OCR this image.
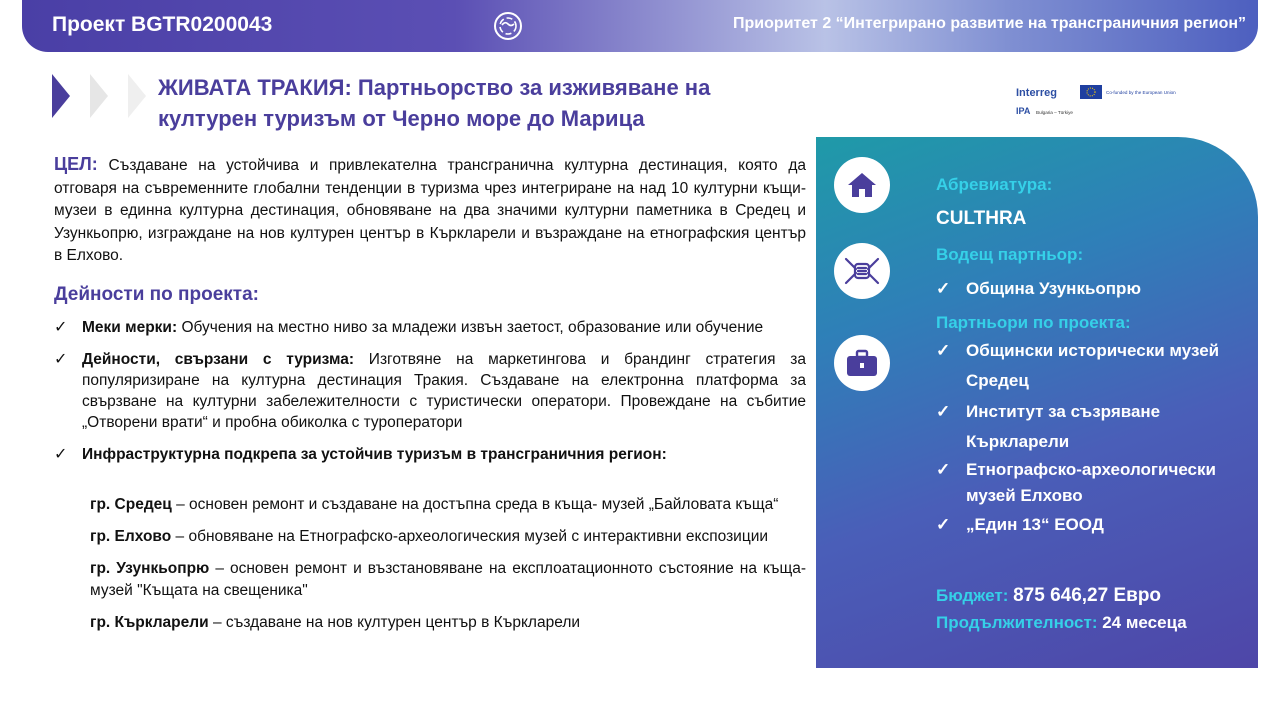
Проект BGTR0200043	Приоритет 2 “Интегрирано развитие на трансграничния регион”
ЖИВАТА ТРАКИЯ: Партньорство за изживяване на културен туризъм от Черно море до Марица
Interreg	Co-funded by the European Union
IPA Bulgaria – Türkiye
ЦЕЛ: Създаване на устойчива и привлекателна трансгранична културна дестинация, която да отговаря на съвременните глобални тенденции в туризма чрез интегриране на над 10 културни къщи-музеи в единна културна дестинация, обновяване на два значими културни паметника в Средец и Узункьопрю, изграждане на нов културен център в Къркларели и възраждане на етнографския център в Елхово.
Дейности по проекта:
✓ Меки мерки: Обучения на местно ниво за младежи извън заетост, образование или обучение
✓ Дейности, свързани с туризма: Изготвяне на маркетингова и брандинг стратегия за популяризиране на културна дестинация Тракия. Създаване на електронна платформа за свързване на културни забележителности с туристически оператори. Провеждане на събитие „Отворени врати“ и пробна обиколка с туроператори
✓ Инфраструктурна подкрепа за устойчив туризъм в трансграничния регион:
гр. Средец – основен ремонт и създаване на достъпна среда в къща- музей „Байловата къща“
гр. Елхово – обновяване на Етнографско-археологическия музей с интерактивни експозиции
гр. Узункьопрю – основен ремонт и възстановяване на експлоатационното състояние на къща-музей "Къщата на свещеника"
гр. Къркларели – създаване на нов културен център в Къркларели
Абревиатура:
CULTHRA
Водещ партньор:
✓ Община Узункьопрю
Партньори по проекта:
✓ Общински исторически музей Средец
✓ Институт за съзряване Къркларели
✓ Етнографско-археологически музей Елхово
✓ „Един 13“ ЕООД
Бюджет: 875 646,27 Евро
Продължителност: 24 месеца
